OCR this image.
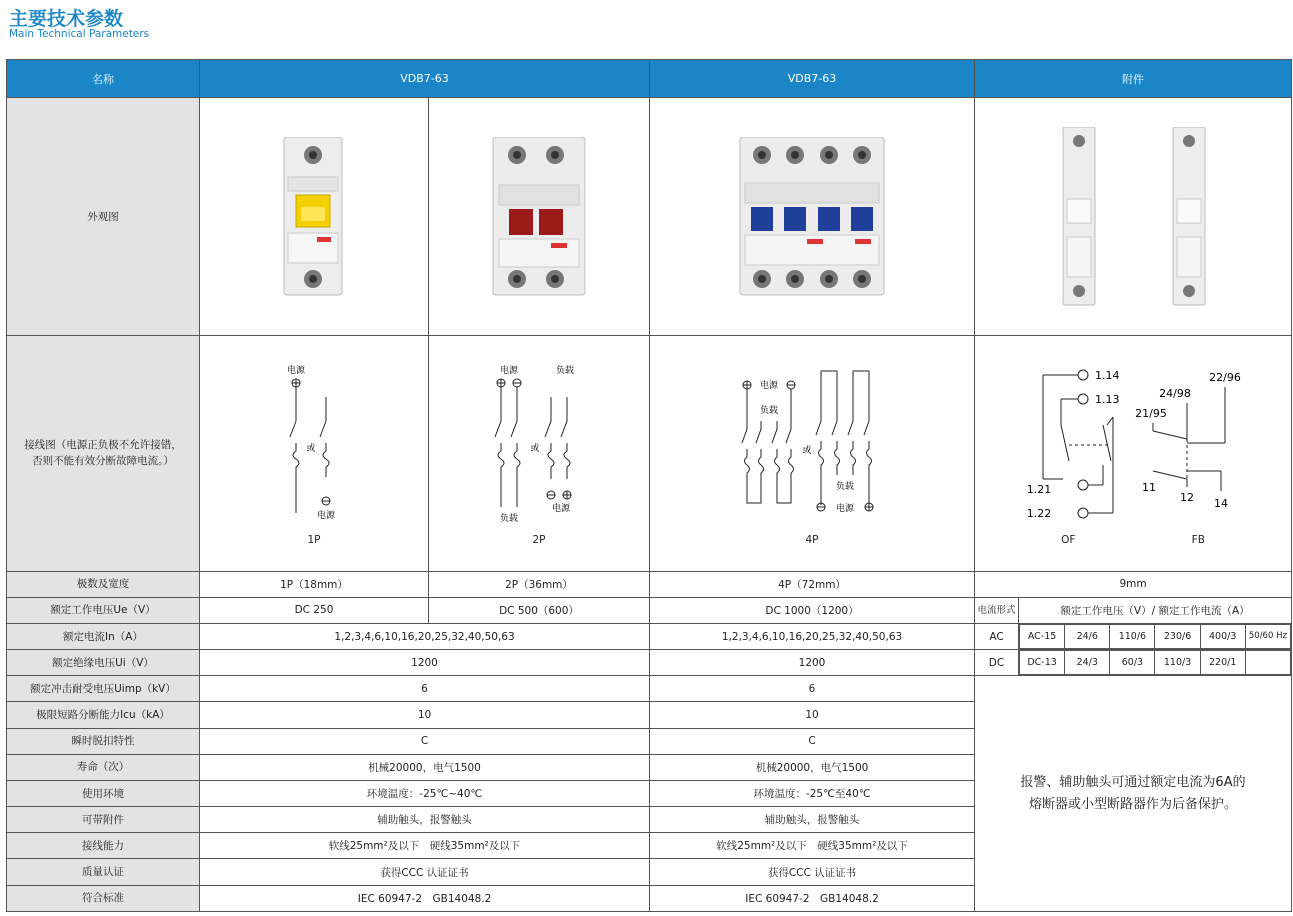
主要技术参数
Main Technical Parameters
名称	VDB7-63	VDB7-63	附件
外观图	

接线图（电源正负极不允许接错，
否则不能有效分断故障电流。）

电源
或
电源
1P

电源	负载
或
负载
电源
2P

电源
负载
或
负载
电源
4P

1.14
1.13
1.21
1.22
22/96
24/98
21/95
11
12 14
OF	FB

极数及宽度	1P（18mm）	2P（36mm）	4P（72mm）	9mm
额定工作电压Ue（V）	DC 250	DC 500（600）	DC 1000（1200）	电流形式	额定工作电压（V）/ 额定工作电流（A）
额定电流In（A）	1,2,3,4,6,10,16,20,25,32,40,50,63	1,2,3,4,6,10,16,20,25,32,40,50,63	AC		AC-15	24/6	110/6	230/6	400/3	50/60 Hz

额定绝缘电压Ui（V）	1200	1200	DC	DC-13	24/3	60/3	110/3	220/1	

额定冲击耐受电压Uimp（kV）	6	6	
报警、辅助触头可通过额定电流为6A的
熔断器或小型断路器作为后备保护。

极限短路分断能力Icu（kA）	10	10
瞬时脱扣特性	C	C
寿命（次）	机械20000，电气1500	机械20000，电气1500
使用环境	环境温度：-25℃~40℃	环境温度：-25℃至40℃
可带附件	辅助触头，报警触头	辅助触头，报警触头
接线能力	软线25mm²及以下　硬线35mm²及以下	软线25mm²及以下　硬线35mm²及以下
质量认证	获得CCC 认证证书	获得CCC 认证证书
符合标准	IEC 60947-2　GB14048.2	IEC 60947-2　GB14048.2
